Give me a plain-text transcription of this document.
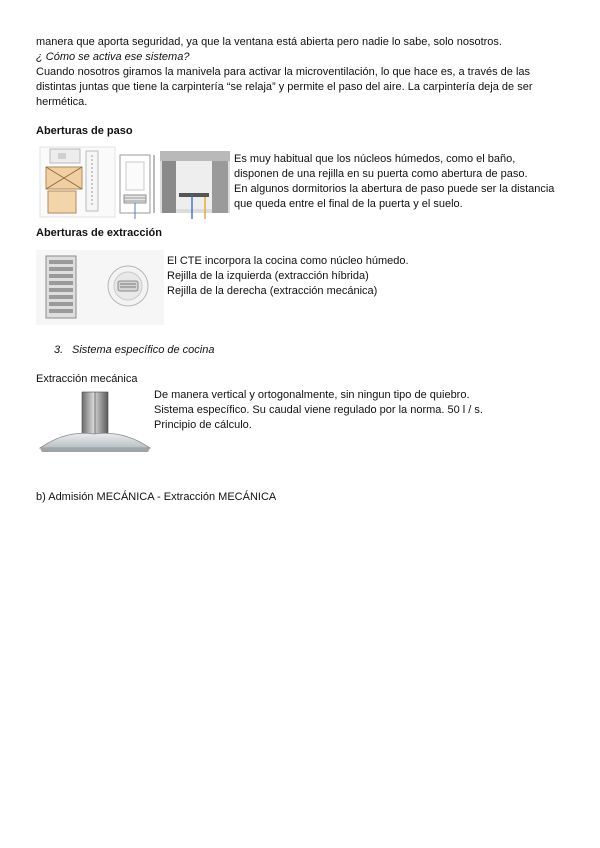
manera que aporta seguridad, ya que la ventana está abierta pero nadie lo sabe, solo nosotros.
¿ Cómo se activa ese sistema?
Cuando nosotros giramos la manivela para activar la microventilación, lo que hace es, a través de las
distintas juntas que tiene la carpintería “se relaja” y permite el paso del aire. La carpintería deja de ser
hermética.
Aberturas de paso
Es muy habitual que los núcleos húmedos, como el baño,
disponen de una rejilla en su puerta como abertura de paso.
En algunos dormitorios la abertura de paso puede ser la distancia
que queda entre el final de la puerta y el suelo.
Aberturas de extracción
El CTE incorpora la cocina como núcleo húmedo.
Rejilla de la izquierda (extracción híbrida)
Rejilla de la derecha (extracción mecánica)
3. Sistema específico de cocina
Extracción mecánica
De manera vertical y ortogonalmente, sin ningun tipo de quiebro.
Sistema específico. Su caudal viene regulado por la norma. 50 l / s.
Principio de cálculo.
b) Admisión MECÁNICA - Extracción MECÁNICA
